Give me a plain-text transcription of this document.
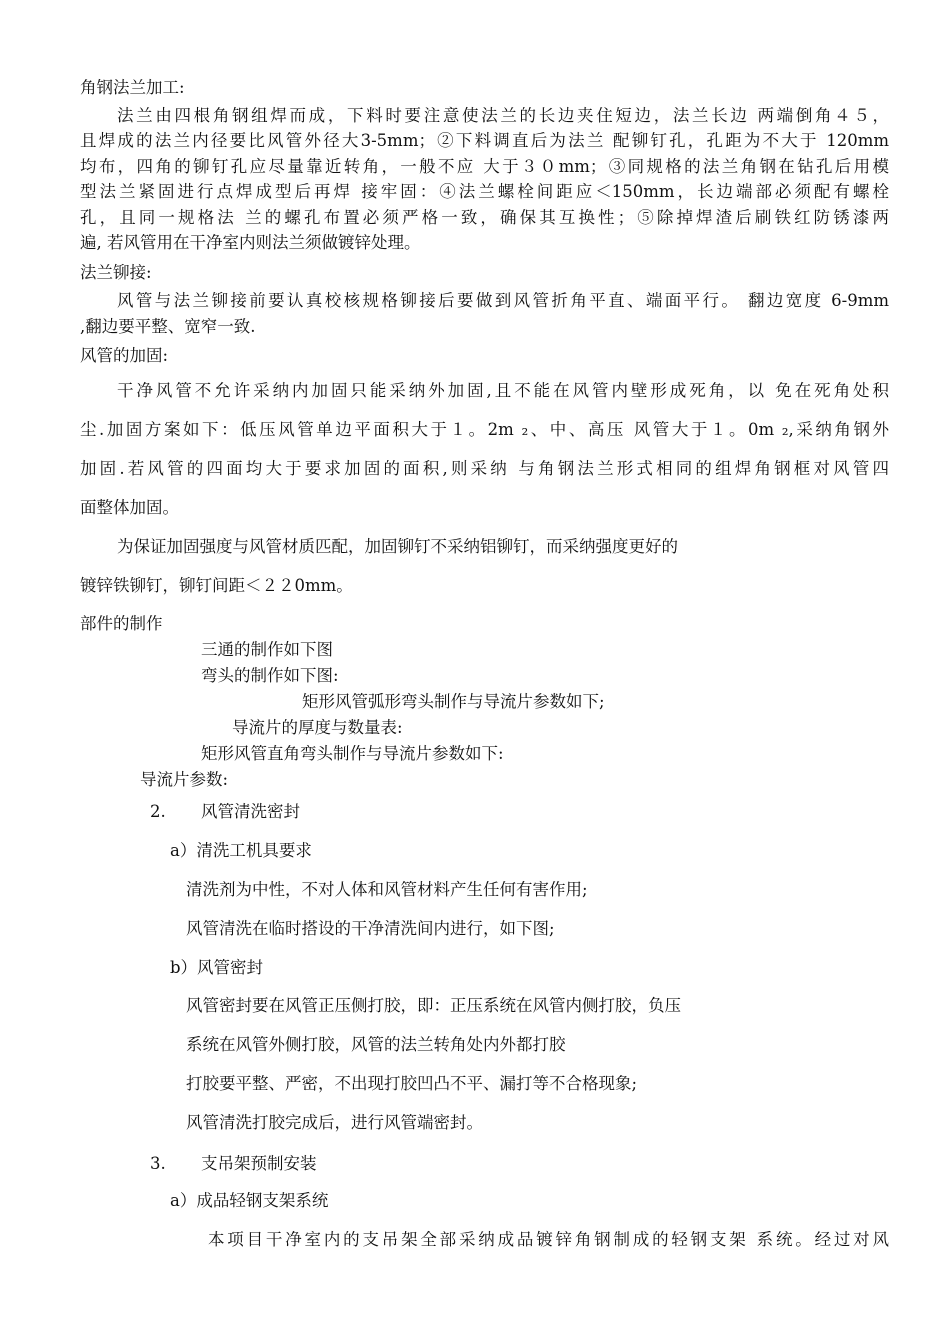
角钢法兰加工:
法兰由四根角钢组焊而成，下料时要注意使法兰的长边夹住短边，法兰长边 两端倒角４５，
且焊成的法兰内径要比风管外径大3-5mm；②下料调直后为法兰 配铆钉孔，孔距为不大于 120mm
均布，四角的铆钉孔应尽量靠近转角，一般不应 大于３０mm；③同规格的法兰角钢在钻孔后用模
型法兰紧固进行点焊成型后再焊 接牢固：④法兰螺栓间距应＜150mm，长边端部必须配有螺栓
孔，且同一规格法 兰的螺孔布置必须严格一致，确保其互换性；⑤除掉焊渣后刷铁红防锈漆两
遍, 若风管用在干净室内则法兰须做镀锌处理。
法兰铆接:
风管与法兰铆接前要认真校核规格铆接后要做到风管折角平直、端面平行。 翻边宽度 6-9mm
,翻边要平整、宽窄一致.
风管的加固:
干净风管不允许采纳内加固只能采纳外加固,且不能在风管内壁形成死角，以 免在死角处积
尘.加固方案如下：低压风管单边平面积大于１。2m ₂、中、高压 风管大于１。0m ₂,采纳角钢外
加固.若风管的四面均大于要求加固的面积,则采纳 与角钢法兰形式相同的组焊角钢框对风管四
面整体加固。
为保证加固强度与风管材质匹配，加固铆钉不采纳铝铆钉，而采纳强度更好的
镀锌铁铆钉，铆钉间距＜２２0mm。
部件的制作
三通的制作如下图
弯头的制作如下图:
矩形风管弧形弯头制作与导流片参数如下;
导流片的厚度与数量表:
矩形风管直角弯头制作与导流片参数如下:
导流片参数:
2. 风管清洗密封
a）清洗工机具要求
清洗剂为中性，不对人体和风管材料产生任何有害作用;
风管清洗在临时搭设的干净清洗间内进行，如下图;
b）风管密封
风管密封要在风管正压侧打胶，即：正压系统在风管内侧打胶，负压
系统在风管外侧打胶，风管的法兰转角处内外都打胶
打胶要平整、严密，不出现打胶凹凸不平、漏打等不合格现象;
风管清洗打胶完成后，进行风管端密封。
3. 支吊架预制安装
a）成品轻钢支架系统
本项目干净室内的支吊架全部采纳成品镀锌角钢制成的轻钢支架 系统。经过对风
